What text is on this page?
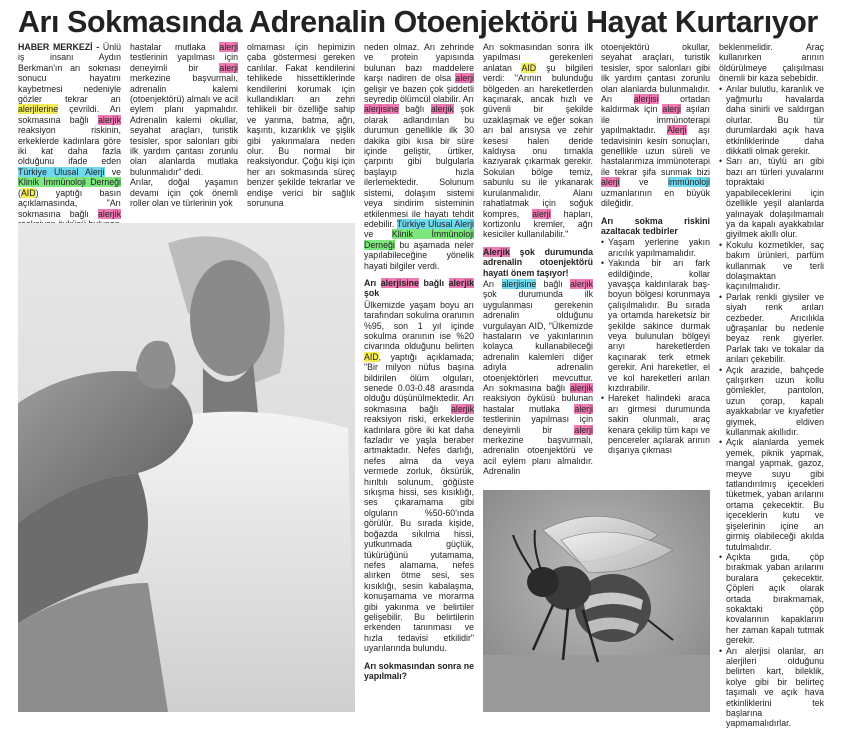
Arı Sokmasında Adrenalin Otoenjektörü Hayat Kurtarıyor

HABER MERKEZİ - Ünlü iş insanı Aydın Berkman'ın arı sokması sonucu hayatını kaybetmesi nedeniyle gözler tekrar arı alerjilerine çevrildi. Arı sokmasına bağlı alerjik reaksiyon riskinin, erkeklerde kadınlara göre iki kat daha fazla olduğunu ifade eden Türkiye Ulusal Alerji ve Klinik İmmünoloji Derneği (AID) yaptığı basın açıklamasında, "Arı sokmasına bağlı alerjik

hastalar mutlaka alerji testlerinin yapılması için deneyimli bir alerji merkezine başvurmalı, adrenalin kalemi (otoenjektörü) almalı ve acil eylem planı yapmalıdır. Adrenalin kalemi okullar, seyahat araçları, turistik tesisler, spor salonları gibi ilk yardım çantası zorunlu olan alanlarda mutlaka bulunmalıdır" dedi.

Arılar, doğal yaşamın devamı için çok önemli roller olan ve türlerinin yok

olmaması için hepimizin çaba göstermesi gereken canlılar. Fakat kendilerini tehlikede hissettiklerinde kendilerini korumak için kullandıkları arı zehri tehlikeli bir özelliğe sahip ve yanma, batma, ağrı, kaşıntı, kızarıklık ve şişlik gibi yakınmalara neden olur. Bu normal bir reaksiyondur. Çoğu kişi için her arı sokmasında süreç benzer şekilde tekrarlar ve endişe verici bir sağlık sorununa

neden olmaz. Arı zehrinde ve protein yapısında bulunan bazı maddelere karşı nadiren de olsa alerji gelişir ve bazen çok şiddetli seyredip ölümcül olabilir. Arı alerjisine bağlı alerjik şok olarak adlandırılan bu durumun genellikle ilk 30 dakika gibi kısa bir süre içinde geliştir, ürtiker, çarpıntı gibi bulgularla başlayıp hızla ilerlemektedir. Solunum sistemi, dolaşım sistemi veya sindirim sisteminin etkilenmesi ile hayatı tehdit edebilir. Türkiye Ulusal Alerji ve Klinik İmmünoloji Derneği bu aşamada neler yapılabileceğine yönelik hayati bilgiler verdi.

Arı alerjisine bağlı alerjik şok

Ülkemizde yaşam boyu arı tarafından sokulma oranının %95, son 1 yıl içinde sokulma oranının ise %20 civarında olduğunu belirten AID, yaptığı açıklamada; "Bir milyon nüfus başına bildirilen ölüm olguları, senede 0.03-0.48 arasında olduğu düşünülmektedir. Arı sokmasına bağlı alerjik reaksiyon riski, erkeklerde kadınlara göre iki kat daha fazladır ve yaşla beraber artmaktadır. Nefes darlığı, nefes alma da veya vermede zorluk, öksürük, hırıltılı solunum, göğüste sıkışma hissi, ses kısıklığı, ses çıkaramama gibi olguların %50-60'ında görülür. Bu sırada kişide, boğazda sıkılma hissi, yutkunmada güçlük, tükürüğünü yutamama, nefes alamama, nefes alırken ötme sesi, ses kısıklığı, sesin kabalaşma, konuşamama ve morarma gibi yakınma ve belirtiler gelişebilir. Bu belirtilerin erkenden tanınması ve hızla tedavisi etkilidir" uyarılarında bulundu.

Arı sokmasından sonra ne yapılmalı?

Arı sokmasından sonra ilk yapılması gerekenleri anlatan AID şu bilgileri verdi: "Arının bulunduğu bölgeden arı hareketlerden kaçınarak, ancak hızlı ve güvenli bir şekilde uzaklaşmak ve eğer sokan arı bal arısıysa ve zehir kesesi halen deride kaldıysa onu tırnakla kazıyarak çıkarmak gerekir. Sokulan bölge temiz, sabunlu su ile yıkanarak kurulanmalıdır. Alanı rahatlatmak için soğuk kompres, alerji hapları, kortizonlu kremler, ağrı kesiciler kullanılabilir."

Alerjik şok durumunda adrenalin otoenjektörü hayati önem taşıyor!

Arı alerjisine bağlı alerjik şok durumunda ilk uygulanması gerekenin adrenalin olduğunu vurgulayan AID, "Ülkemizde hastaların ve yakınlarının kolayca kullanabileceği adrenalin kalemleri diğer adıyla adrenalin otoenjektörleri mevcuttur. Arı sokmasına bağlı alerjik reaksiyon öyküsü bulunan hastalar mutlaka alerji testlerinin yapılması için deneyimli bir alerji merkezine başvurmalı, adrenalin otoenjektörü ve acil eylem planı almalıdır. Adrenalin

otoenjektörü okullar, seyahat araçları, turistik tesisler, spor salonları gibi ilk yardım çantası zorunlu olan alanlarda bulunmalıdır. Arı alerjisi ortadan kaldırmak için alerji aşıları ile immünoterapi yapılmaktadır. Alerji aşı tedavisinin kesin sonuçları, genellikle uzun süreli ve hastalarımıza immünoterapi ile tekrar şifa sunmak bizi alerji ve immünoloji uzmanlarının en büyük dileğidir.

Arı sokma riskini azaltacak tedbirler

• Yaşam yerlerine yakın arıcılık yapılmamalıdır.
• Yakında bir arı fark edildiğinde, kollar yavaşça kaldırılarak baş-boyun bölgesi korunmaya çalışılmalıdır. Bu sırada ya ortamda hareketsiz bir şekilde sakince durmak veya bulunulan bölgeyi arıyı hareketlerden kaçınarak terk etmek gerekir. Ani hareketler, el ve kol hareketleri arıları kızdırabilir.
• Hareket halindeki araca arı girmesi durumunda sakin olunmalı, araç kenara çekilip tüm kapı ve pencereler açılarak arının dışarıya çıkması

beklenmelidir. Araç kullanırken arının öldürülmeye çalışılması önemli bir kaza sebebidir.

• Arılar bulutlu, karanlık ve yağmurlu havalarda daha sinirli ve saldırgan olurlar. Bu tür durumlardaki açık hava etkinliklerinde daha dikkatli olmak gerekir.
• Sarı arı, tüylü arı gibi bazı arı türleri yuvalarını topraktaki yapabileceklerini için özellikle yeşil alanlarda yalınayak dolaşılmamalı ya da kapalı ayakkabılar giyilmek akıllı olur.
• Kokulu kozmetikler, saç bakım ürünleri, parfüm kullanmak ve terli dolaşmaktan kaçınılmalıdır.
• Parlak renkli giysiler ve siyah renk arıları cezbeder. Arıcılıkla uğraşanlar bu nedenle beyaz renk giyerler. Parlak takı ve tokalar da arıları çekebilir.
• Açık arazide, bahçede çalışırken uzun kollu gömlekler, pantolon, uzun çorap, kapalı ayakkabılar ve kıyafetler giymek, eldiven kullanmak akıllıdır.
• Açık alanlarda yemek yemek, piknik yapmak, mangal yapmak, gazoz, meyve suyu gibi tatlandırılmış içecekleri tüketmek, yaban arılarını ortama çekecektir. Bu içeceklerin kutu ve şişelerinin içine arı girmiş olabileceği akılda tutulmalıdır.
• Açıkta gıda, çöp bırakmak yaban arılarını buralara çekecektir. Çöpleri açık olarak ortada bırakmamak, sokaktaki çöp kovalarının kapaklarını her zaman kapalı tutmak gerekir.
• Arı alerjisi olanlar, arı alerjileri olduğunu belirten kart, bileklik, kolye gibi bir belirteç taşımalı ve açık hava etkinliklerini tek başlarına yapmamalıdırlar.
